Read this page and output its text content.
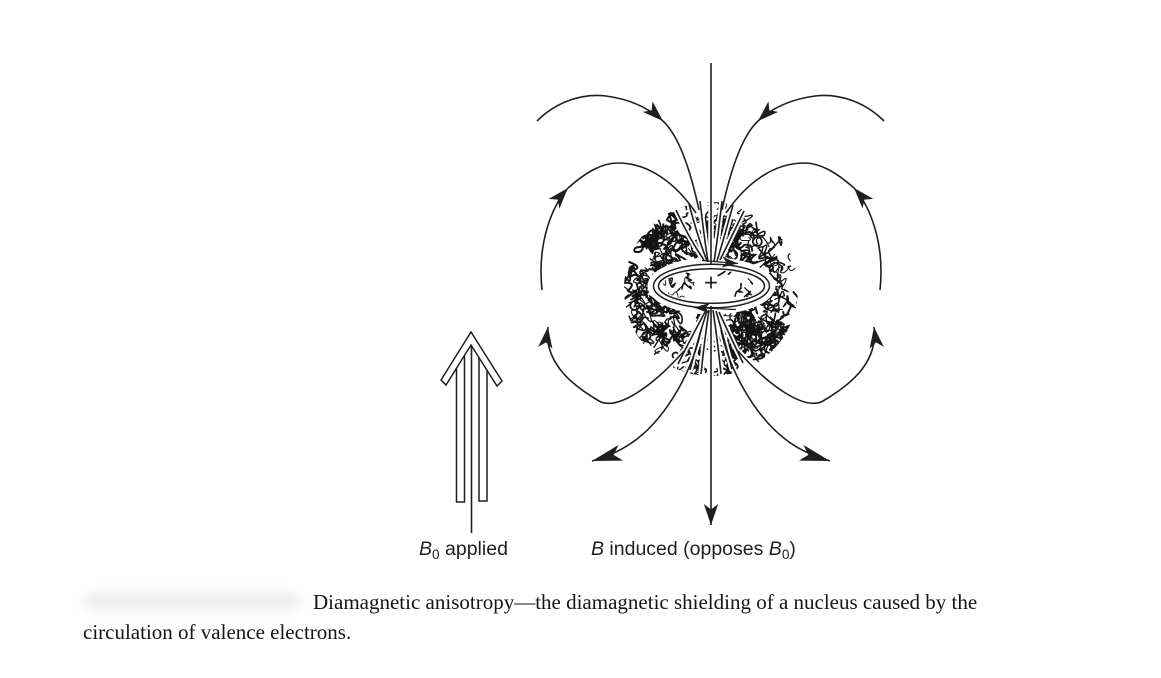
+
$B_0$ applied	B induced (opposes $B_0$)
Diamagnetic anisotropy—the diamagnetic shielding of a nucleus caused by the
circulation of valence electrons.
